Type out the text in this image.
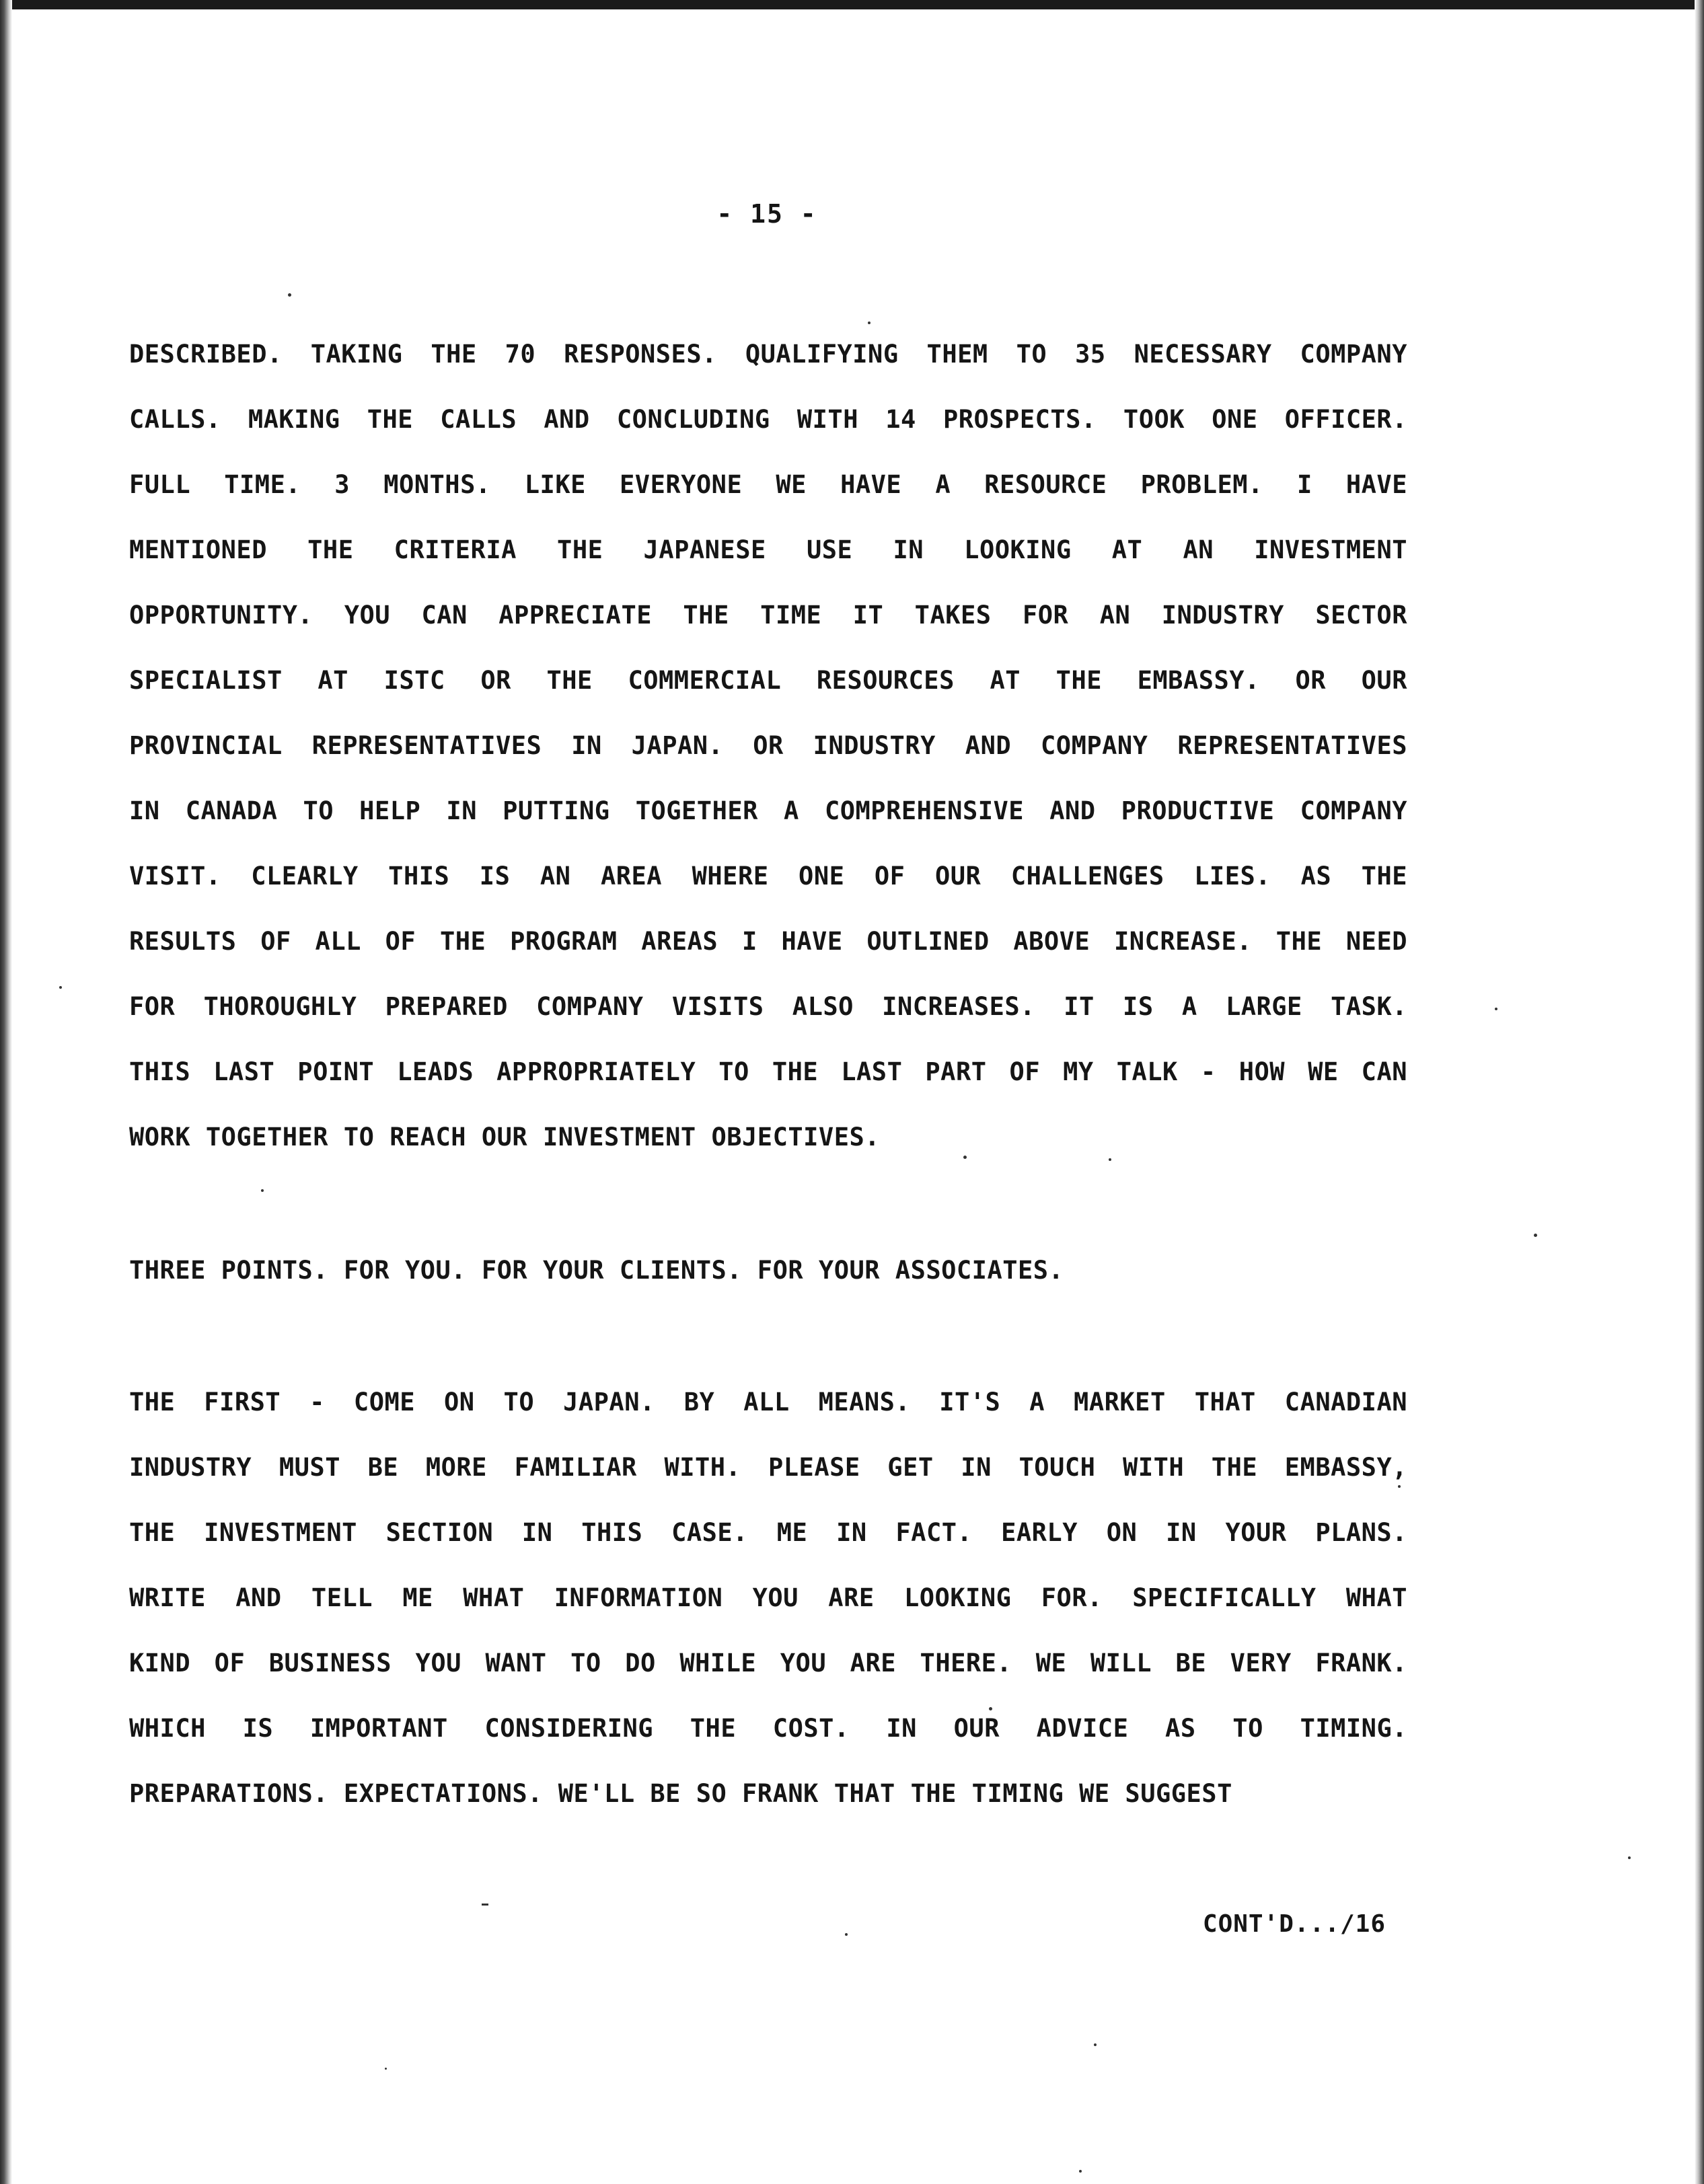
- 15 -
DESCRIBED. TAKING THE 70 RESPONSES. QUALIFYING THEM TO 35 NECESSARY COMPANY
CALLS. MAKING THE CALLS AND CONCLUDING WITH 14 PROSPECTS. TOOK ONE OFFICER.
FULL TIME. 3 MONTHS. LIKE EVERYONE WE HAVE A RESOURCE PROBLEM. I HAVE
MENTIONED THE CRITERIA THE JAPANESE USE IN LOOKING AT AN INVESTMENT
OPPORTUNITY. YOU CAN APPRECIATE THE TIME IT TAKES FOR AN INDUSTRY SECTOR
SPECIALIST AT ISTC OR THE COMMERCIAL RESOURCES AT THE EMBASSY. OR OUR
PROVINCIAL REPRESENTATIVES IN JAPAN. OR INDUSTRY AND COMPANY REPRESENTATIVES
IN CANADA TO HELP IN PUTTING TOGETHER A COMPREHENSIVE AND PRODUCTIVE COMPANY
VISIT. CLEARLY THIS IS AN AREA WHERE ONE OF OUR CHALLENGES LIES. AS THE
RESULTS OF ALL OF THE PROGRAM AREAS I HAVE OUTLINED ABOVE INCREASE. THE NEED
FOR THOROUGHLY PREPARED COMPANY VISITS ALSO INCREASES. IT IS A LARGE TASK.
THIS LAST POINT LEADS APPROPRIATELY TO THE LAST PART OF MY TALK - HOW WE CAN
WORK TOGETHER TO REACH OUR INVESTMENT OBJECTIVES.
THREE POINTS. FOR YOU. FOR YOUR CLIENTS. FOR YOUR ASSOCIATES.
THE FIRST - COME ON TO JAPAN. BY ALL MEANS. IT'S A MARKET THAT CANADIAN
INDUSTRY MUST BE MORE FAMILIAR WITH. PLEASE GET IN TOUCH WITH THE EMBASSY,
THE INVESTMENT SECTION IN THIS CASE. ME IN FACT. EARLY ON IN YOUR PLANS.
WRITE AND TELL ME WHAT INFORMATION YOU ARE LOOKING FOR. SPECIFICALLY WHAT
KIND OF BUSINESS YOU WANT TO DO WHILE YOU ARE THERE. WE WILL BE VERY FRANK.
WHICH IS IMPORTANT CONSIDERING THE COST. IN OUR ADVICE AS TO TIMING.
PREPARATIONS. EXPECTATIONS. WE'LL BE SO FRANK THAT THE TIMING WE SUGGEST
CONT'D.../16
